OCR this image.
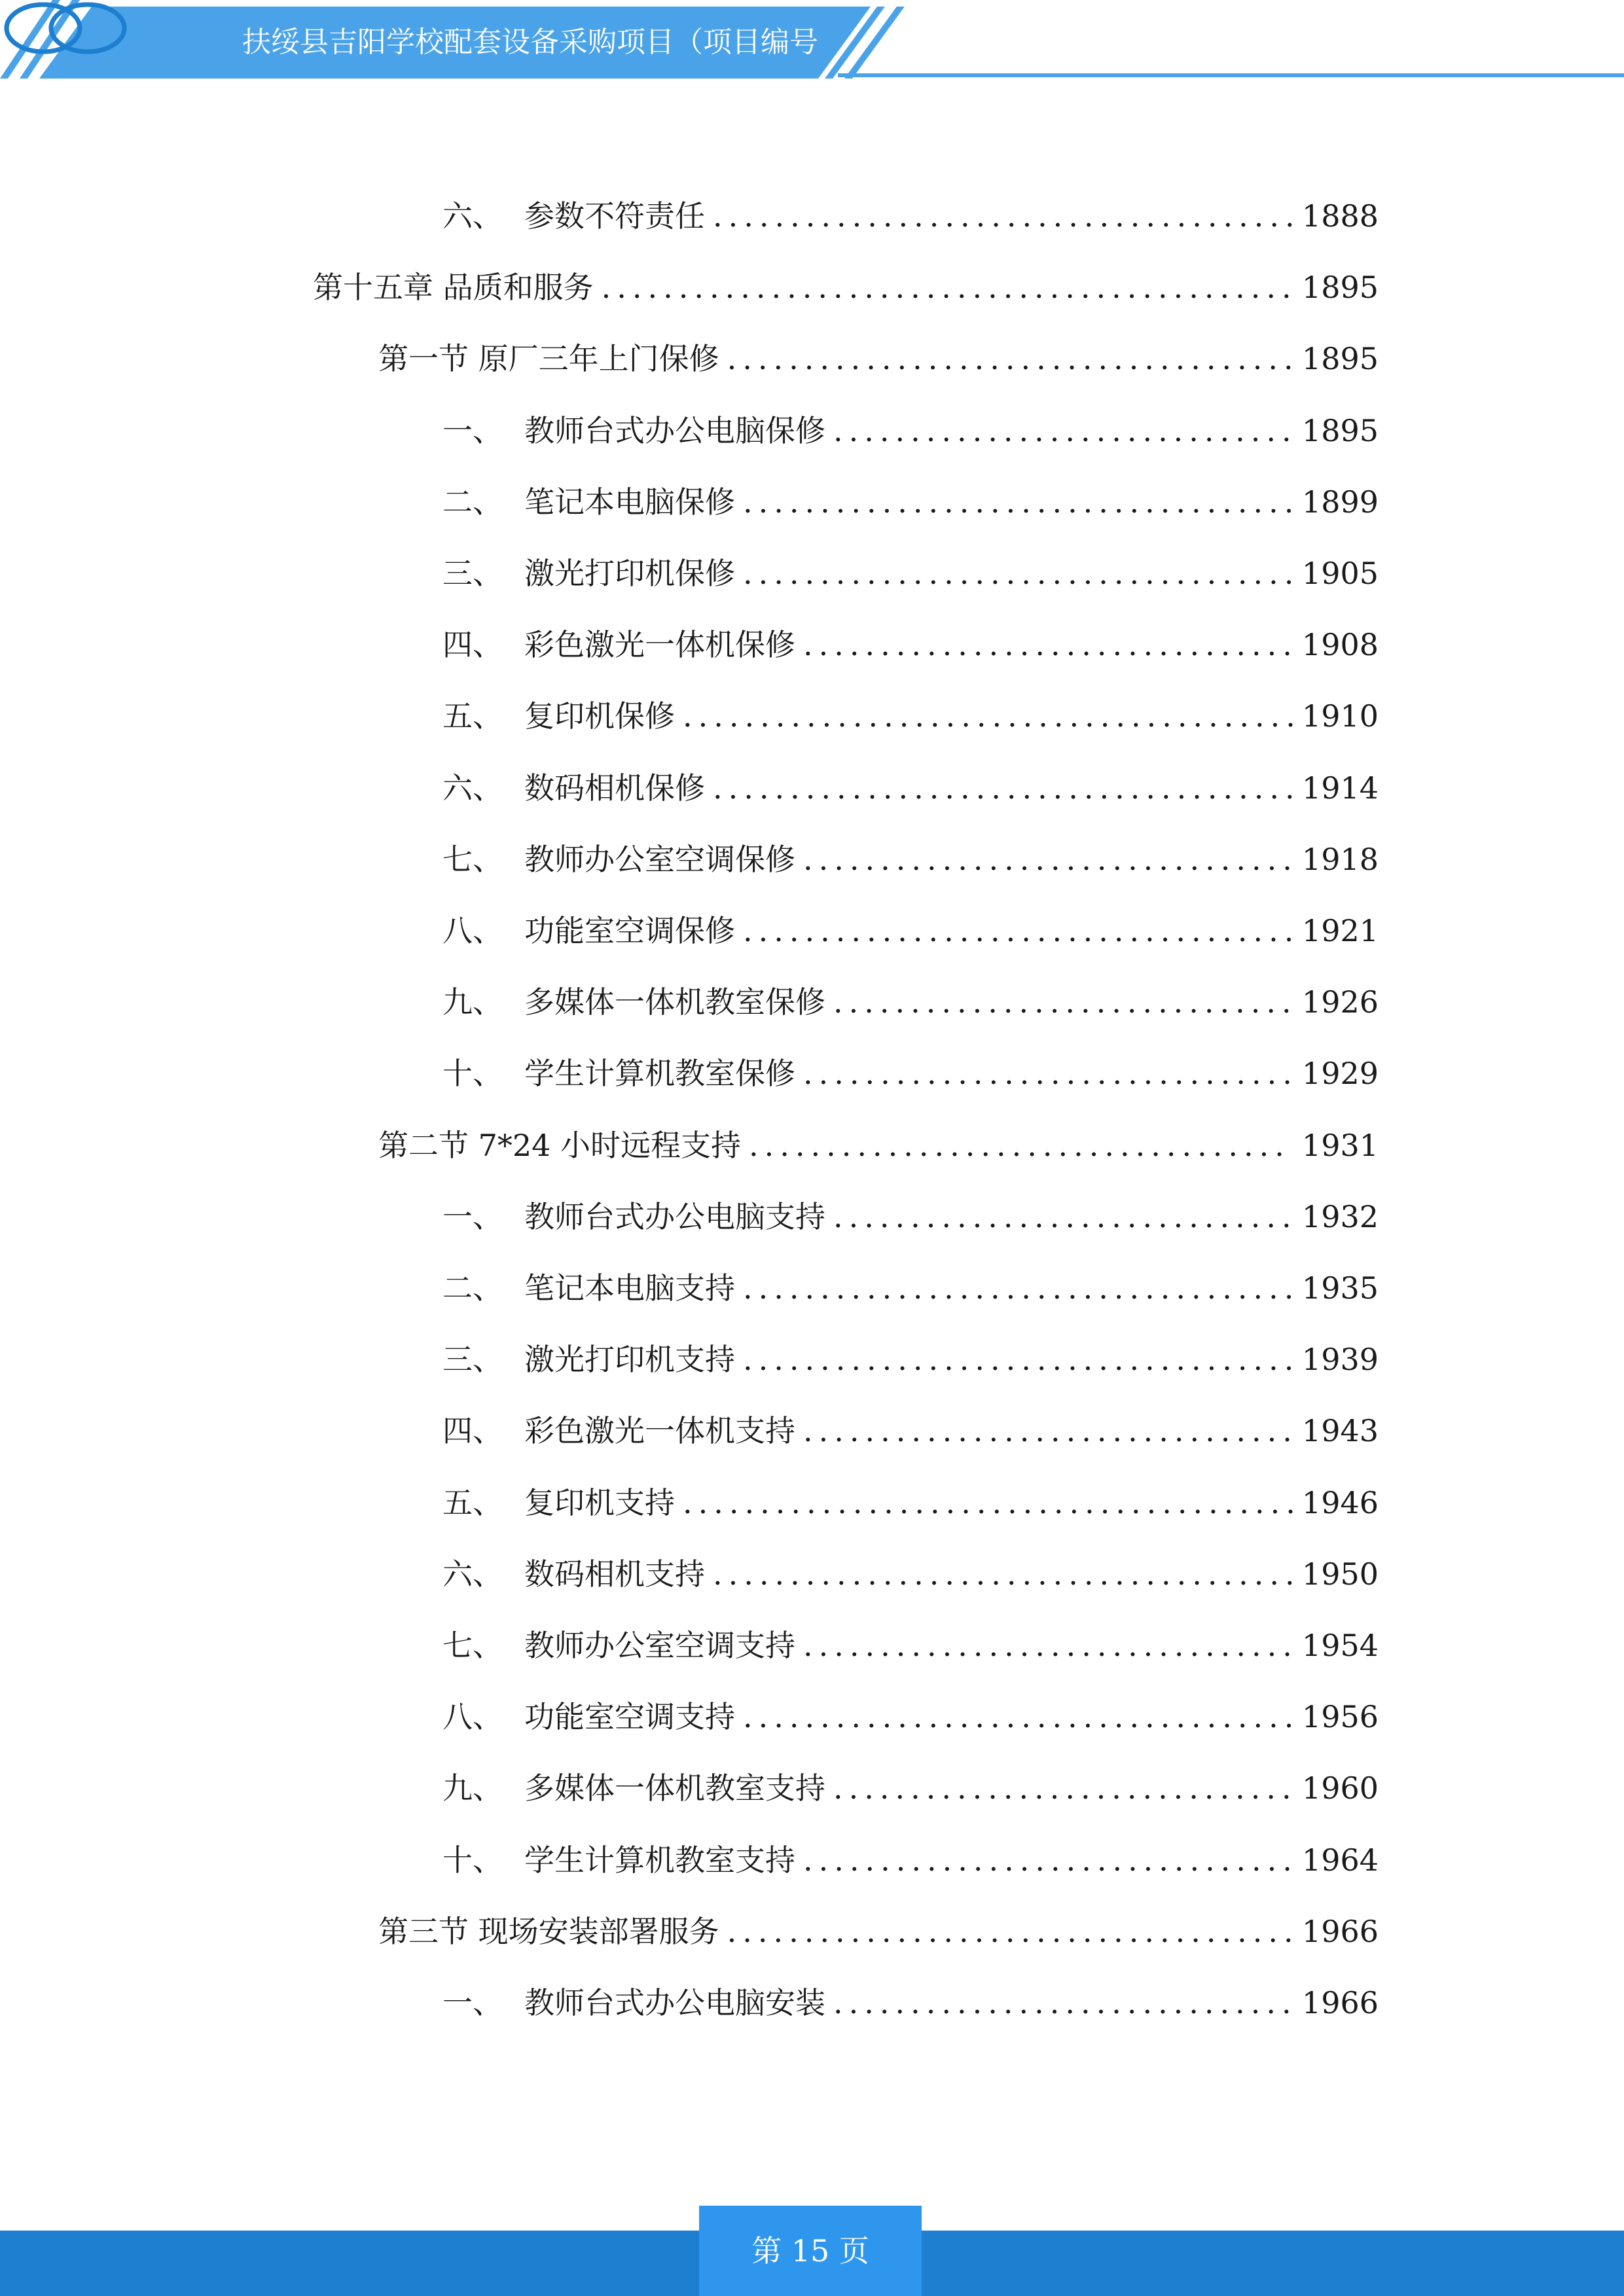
扶绥县吉阳学校配套设备采购项目（项目编号
六、 参数不符责任 .....	1888
第十五章 品质和服务 .....	1895
第一节 原厂三年上门保修 .....	1895
一、 教师台式办公电脑保修 .....	1895
二、 笔记本电脑保修 .....	1899
三、 激光打印机保修 .....	1905
四、 彩色激光一体机保修 .....	1908
五、 复印机保修 .....	1910
六、 数码相机保修 .....	1914
七、 教师办公室空调保修 .....	1918
八、 功能室空调保修 .....	1921
九、 多媒体一体机教室保修 .....	1926
十、 学生计算机教室保修 .....	1929
第二节 7*24 小时远程支持 .....	1931
一、 教师台式办公电脑支持 .....	1932
二、 笔记本电脑支持 .....	1935
三、 激光打印机支持 .....	1939
四、 彩色激光一体机支持 .....	1943
五、 复印机支持 .....	1946
六、 数码相机支持 .....	1950
七、 教师办公室空调支持 .....	1954
八、 功能室空调支持 .....	1956
九、 多媒体一体机教室支持 .....	1960
十、 学生计算机教室支持 .....	1964
第三节 现场安装部署服务 .....	1966
一、 教师台式办公电脑安装 .....	1966
第 15 页
